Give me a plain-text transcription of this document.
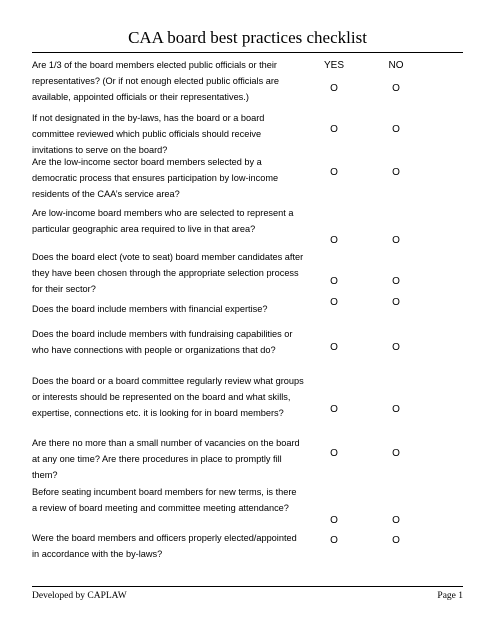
CAA board best practices checklist
YES	NO
Are 1/3 of the board members elected public officials or their representatives? (Or if not enough elected public officials are available, appointed officials or their representatives.)
O	O
If not designated in the by-laws, has the board or a board committee reviewed which public officials should receive invitations to serve on the board?
O	O
Are the low-income sector board members selected by a democratic process that ensures participation by low-income residents of the CAA’s service area?
O	O
Are low-income board members who are selected to represent a particular geographic area required to live in that area?
O	O
Does the board elect (vote to seat) board member candidates after they have been chosen through the appropriate selection process for their sector?
O	O
Does the board include members with financial expertise?
O	O
Does the board include members with fundraising capabilities or who have connections with people or organizations that do?	O	O
Does the board or a board committee regularly review what groups or interests should be represented on the board and what skills, expertise, connections etc. it is looking for in board members?	O	O
Are there no more than a small number of vacancies on the board at any one time? Are there procedures in place to promptly fill them?
O	O
Before seating incumbent board members for new terms, is there a review of board meeting and committee meeting attendance?
O	O
Were the board members and officers properly elected/appointed in accordance with the by-laws?
O	O
Developed by CAPLAW	Page 1
